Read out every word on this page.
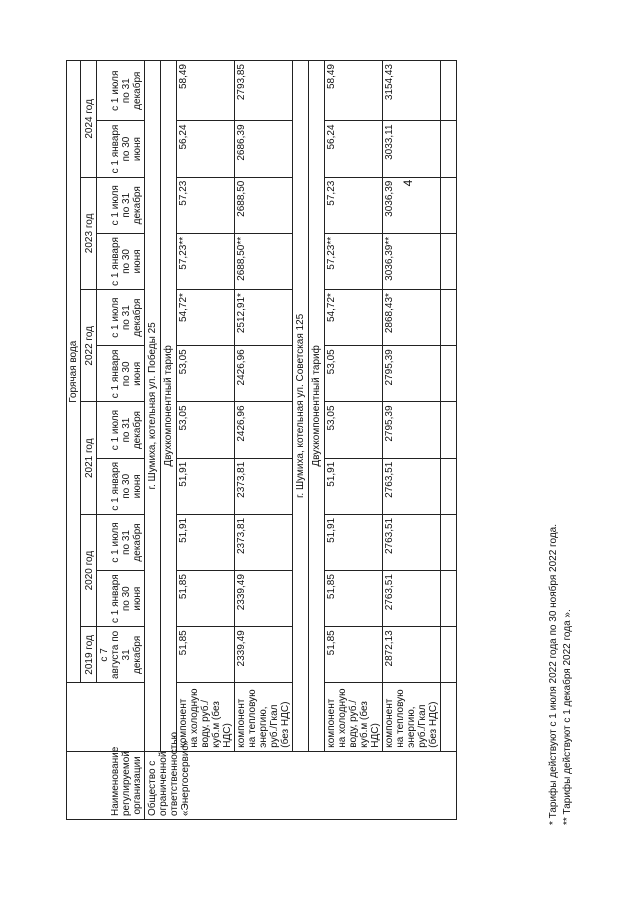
4
Наименование регулируемой организации		Горячая вода										
		2019 год	2020 год		2021 год		2022 год		2023 год		2024 год	
		с 7 августа по 31 декабря	с 1 января по 30 июня	с 1 июля по 31 декабря	с 1 января по 30 июня	с 1 июля по 31 декабря	с 1 января по 30 июня	с 1 июля по 31 декабря	с 1 января по 30 июня	с 1 июля по 31 декабря	с 1 января по 30 июня	с 1 июля по 31 декабря
Общество с ограниченной ответственностью «Энергосервис»	г. Шумиха, котельная ул. Победы 25											
	Двухкомпонентный тариф											
	компонент на холодную воду, руб./куб.м (без НДС)	51,85	51,85	51,91	51,91	53,05	53,05	54,72*	57,23**	57,23	56,24	58,49
	компонент на тепловую энергию, руб./Гкал (без НДС)	2339,49	2339,49	2373,81	2373,81	2426,96	2426,96	2512,91*	2688,50**	2688,50	2686,39	2793,85
	г. Шумиха, котельная ул. Советская 125											
	Двухкомпонентный тариф											
	компонент на холодную воду, руб./куб.м (без НДС)	51,85	51,85	51,91	51,91	53,05	53,05	54,72*	57,23**	57,23	56,24	58,49
	компонент на тепловую энергию, руб./Гкал (без НДС)	2872,13	2763,51	2763,51	2763,51	2795,39	2795,39	2868,43*	3036,39**	3036,39	3033,11	3154,43

* Тарифы действуют с 1 июля 2022 года по 30 ноября 2022 года. ** Тарифы действуют с 1 декабря 2022 года ».
